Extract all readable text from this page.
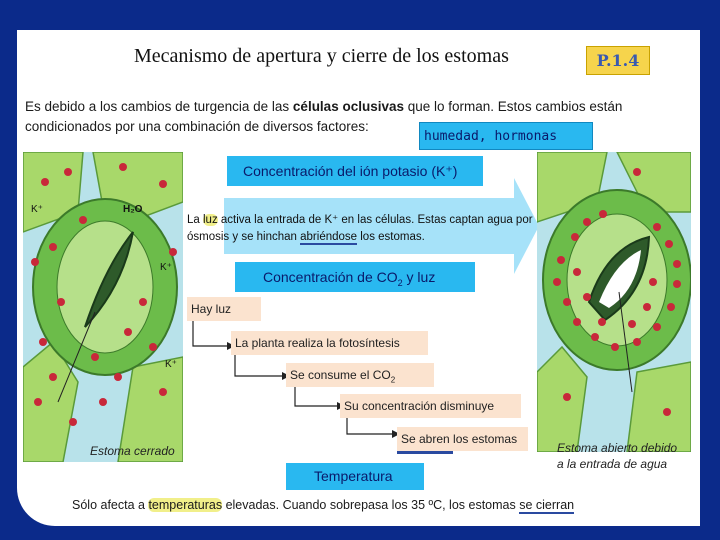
Mecanismo de apertura y cierre de los estomas	P.1.4
Es debido a los cambios de turgencia de las células oclusivas que lo forman. Estos cambios están condicionados por una combinación de diversos factores:
humedad, hormonas
K⁺
K⁺
K⁺
H₂O
Estoma cerrado	Estoma abierto debido
a la entrada de agua
Concentración del ión potasio (K⁺)
La luz activa la entrada de K⁺ en las células. Estas captan agua por ósmosis y se hinchan abriéndose los estomas.
Concentración de $CO_2$ y luz
Hay luz
La planta realiza la fotosíntesis
Se consume el $CO_2$
Su concentración disminuye
Se abren los estomas
Temperatura
Sólo afecta a temperaturas elevadas. Cuando sobrepasa los 35 ºC, los estomas se cierran
